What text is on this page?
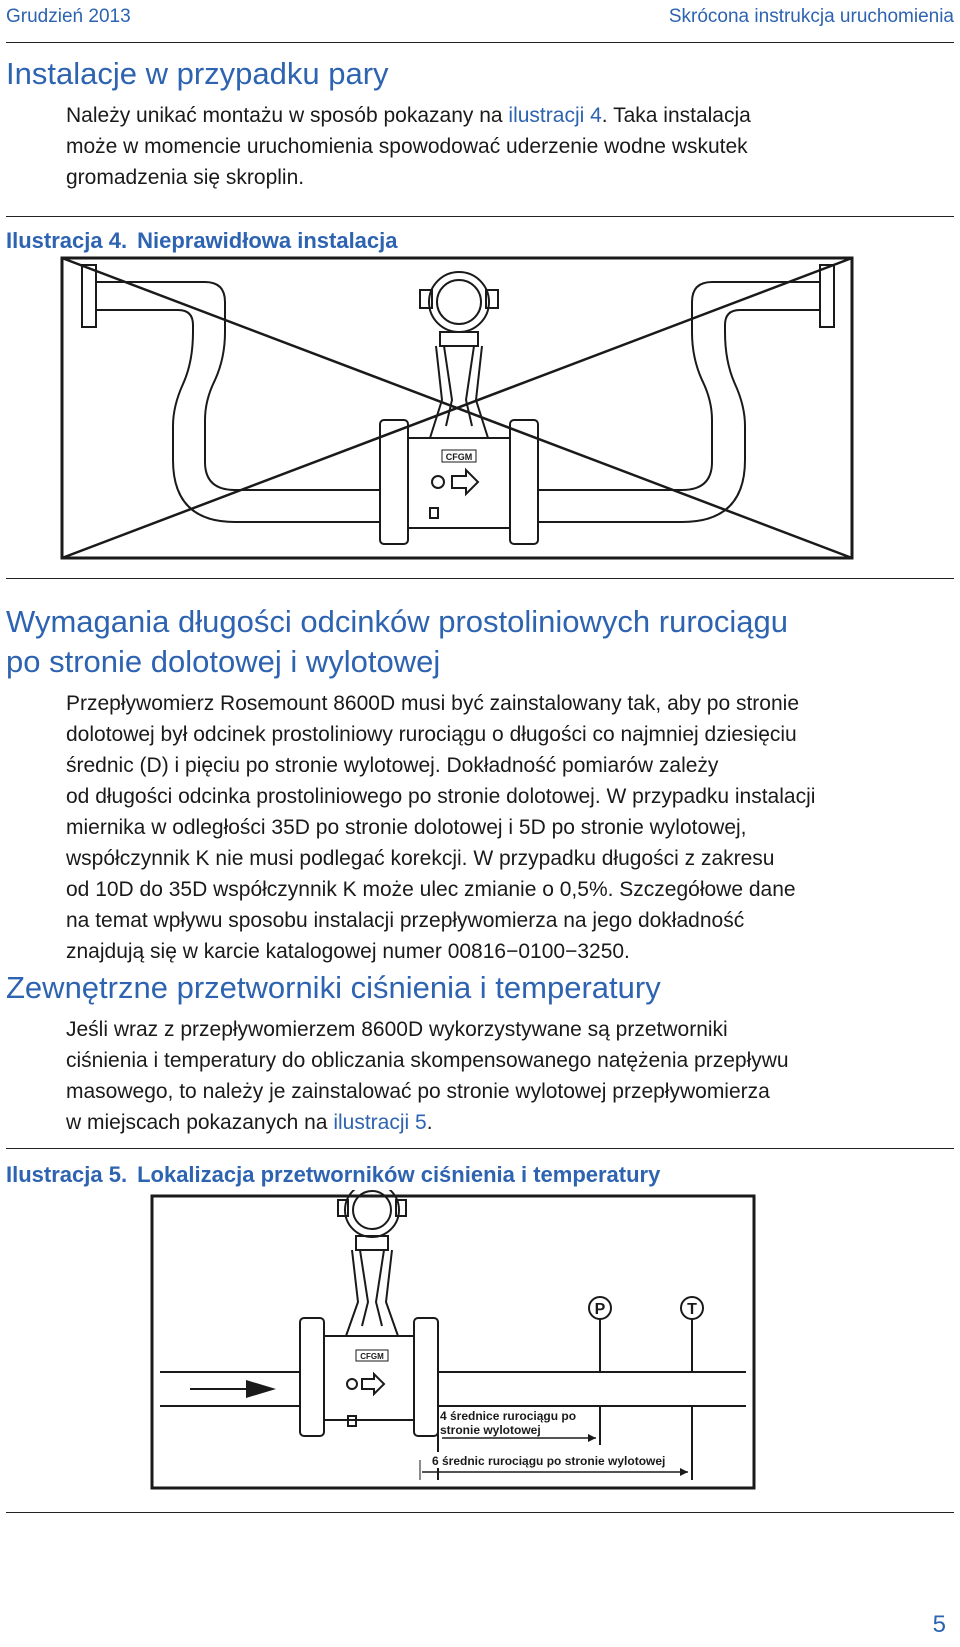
Grudzień 2013	Skrócona instrukcja uruchomienia
Instalacje w przypadku pary

Należy unikać montażu w sposób pokazany na ilustracji 4. Taka instalacja

może w momencie uruchomienia spowodować uderzenie wodne wskutek

gromadzenia się skroplin.

Ilustracja 4. Nieprawidłowa instalacja
CFGM
Wymagania długości odcinków prostoliniowych rurociągu
po stronie dolotowej i wylotowej

Przepływomierz Rosemount 8600D musi być zainstalowany tak, aby po stronie

dolotowej był odcinek prostoliniowy rurociągu o długości co najmniej dziesięciu

średnic (D) i pięciu po stronie wylotowej. Dokładność pomiarów zależy

od długości odcinka prostoliniowego po stronie dolotowej. W przypadku instalacji

miernika w odległości 35D po stronie dolotowej i 5D po stronie wylotowej,

współczynnik K nie musi podlegać korekcji. W przypadku długości z zakresu

od 10D do 35D współczynnik K może ulec zmianie o 0,5%. Szczegółowe dane

na temat wpływu sposobu instalacji przepływomierza na jego dokładność

znajdują się w karcie katalogowej numer 00816−0100−3250.

Zewnętrzne przetworniki ciśnienia i temperatury

Jeśli wraz z przepływomierzem 8600D wykorzystywane są przetworniki

ciśnienia i temperatury do obliczania skompensowanego natężenia przepływu

masowego, to należy je zainstalować po stronie wylotowej przepływomierza

w miejscach pokazanych na ilustracji 5.

Ilustracja 5. Lokalizacja przetworników ciśnienia i temperatury
CFGM
P	T
4 średnice rurociągu po
stronie wylotowej
6 średnic rurociągu po stronie wylotowej
5
